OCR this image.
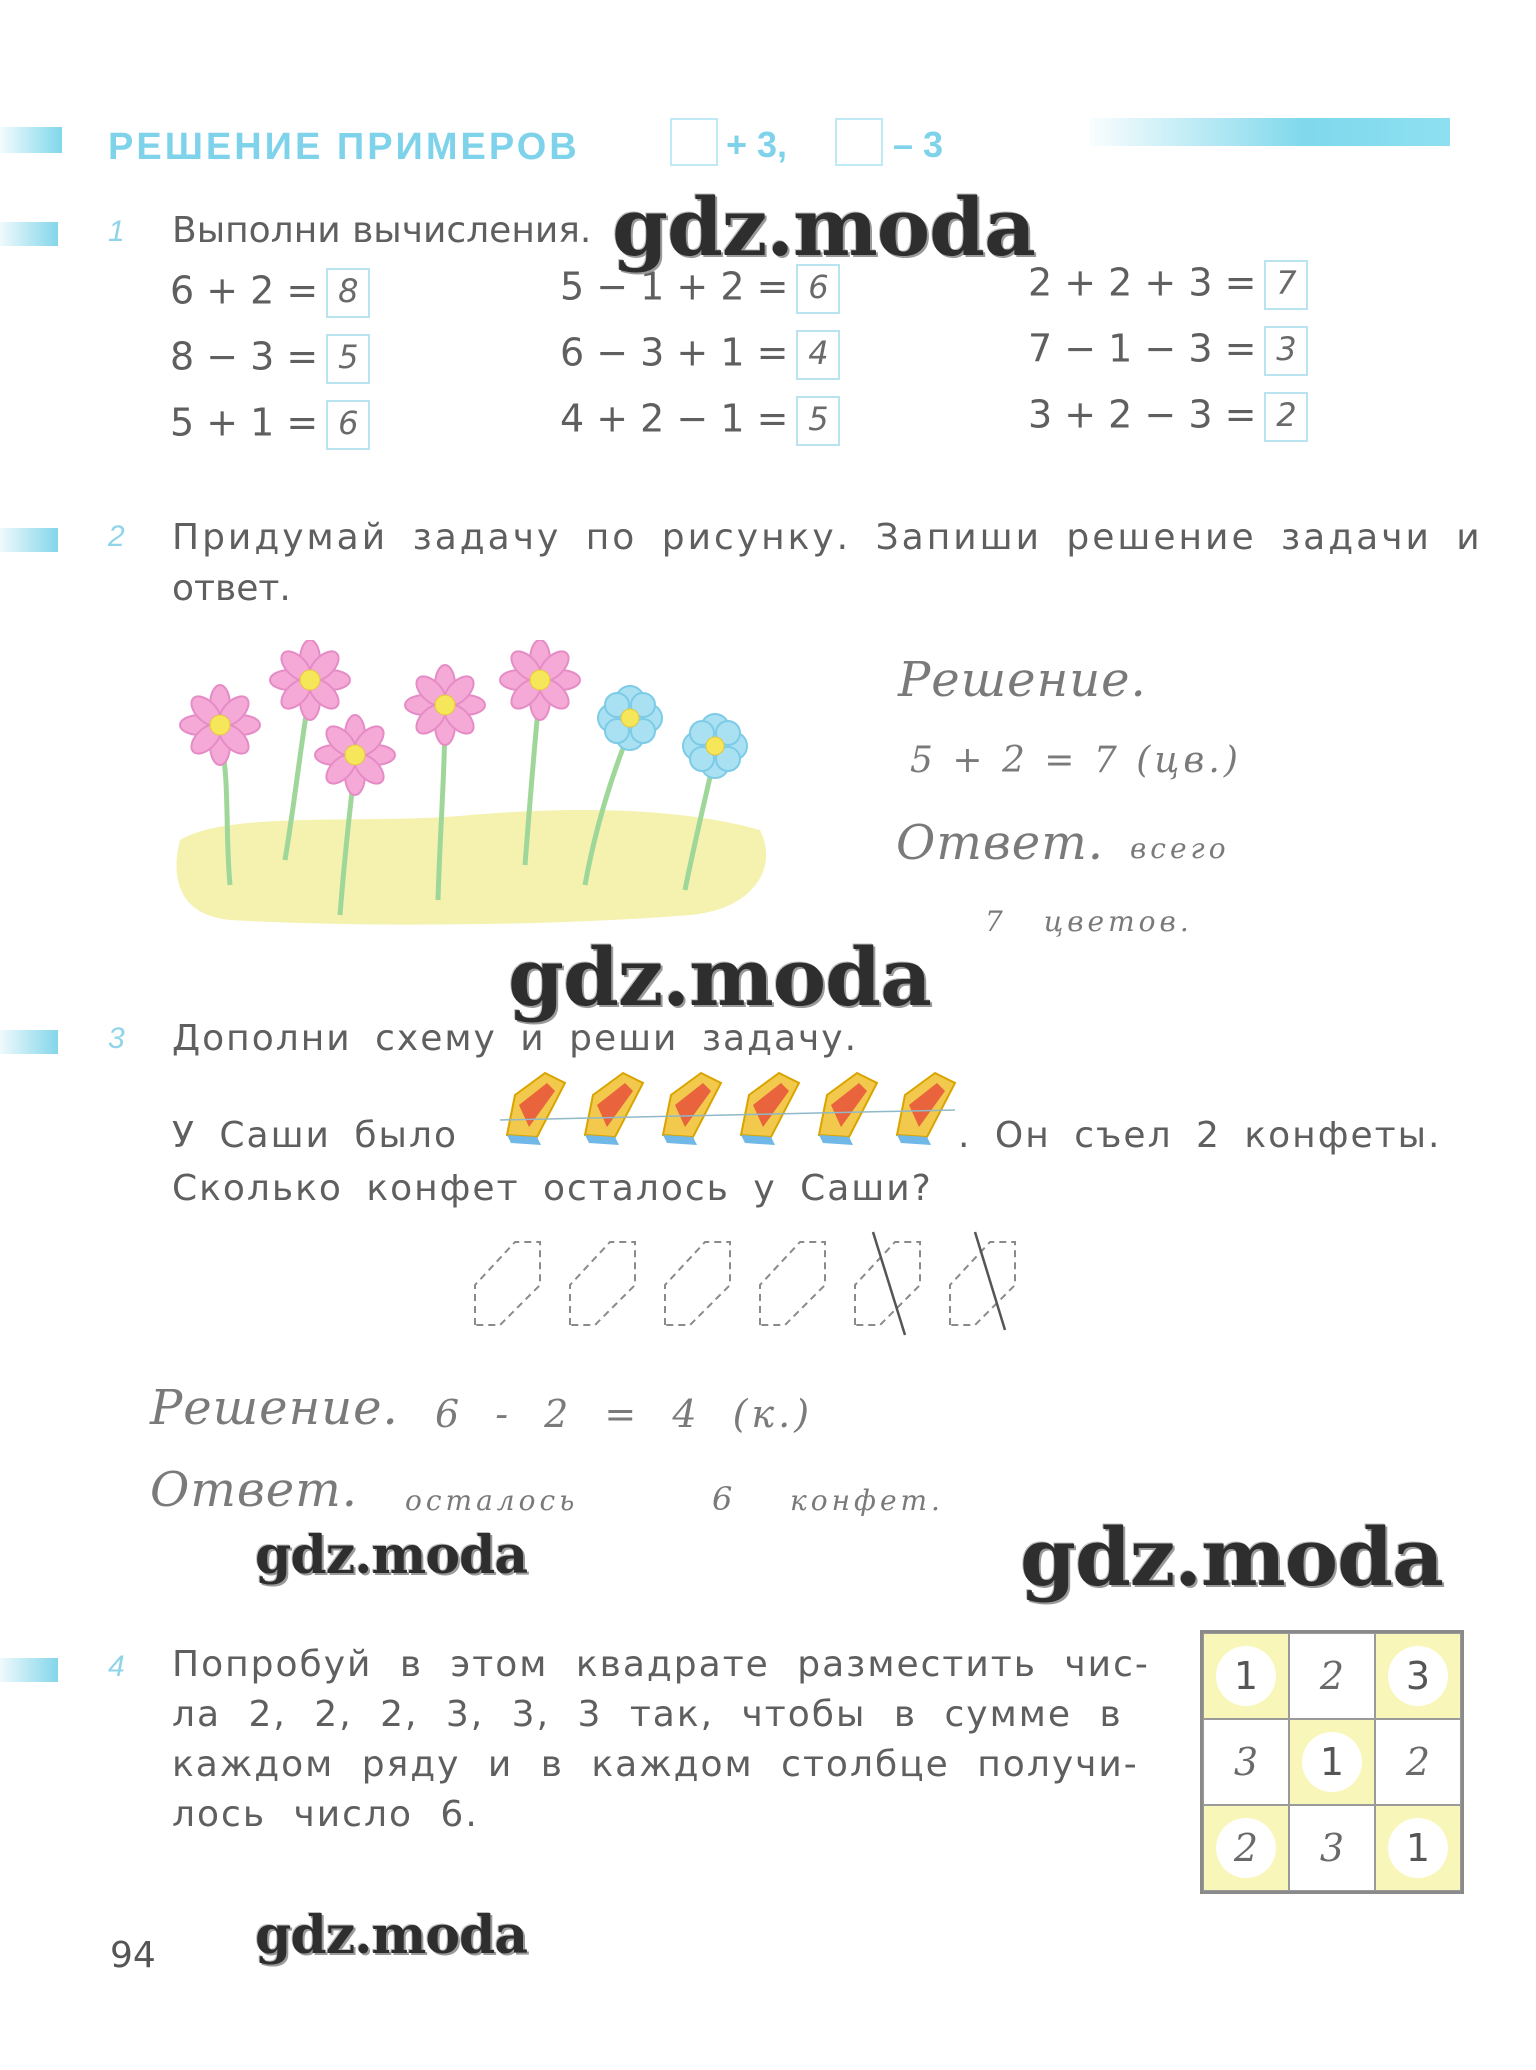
РЕШЕНИЕ ПРИМЕРОВ	+ 3,	– 3
1 Выполни вычисления.
6 + 2 = 8
8 − 3 = 5
5 + 1 = 6
5 − 1 + 2 = 6
6 − 3 + 1 = 4
4 + 2 − 1 = 5
2 + 2 + 3 = 7
7 − 1 − 3 = 3
3 + 2 − 3 = 2
2 Придумай задачу по рисунку. Запиши решение задачи и
ответ.
Решение.
5 + 2 = 7 (цв.)
Ответ. всего
7 цветов.
3 Дополни схему и реши задачу.
У Саши было	. Он съел 2 конфеты.
Сколько конфет осталось у Саши?
Решение. 6 - 2 = 4 (к.)
Ответ. осталось	6 конфет.
4 Попробуй в этом квадрате разместить чис-
ла 2, 2, 2, 3, 3, 3 так, чтобы в сумме в
каждом ряду и в каждом столбце получи-
лось число 6.
1 2 3
3 1 2
2 3 1
gdz.moda
gdz.moda
gdz.moda	gdz.moda
gdz.moda
94
